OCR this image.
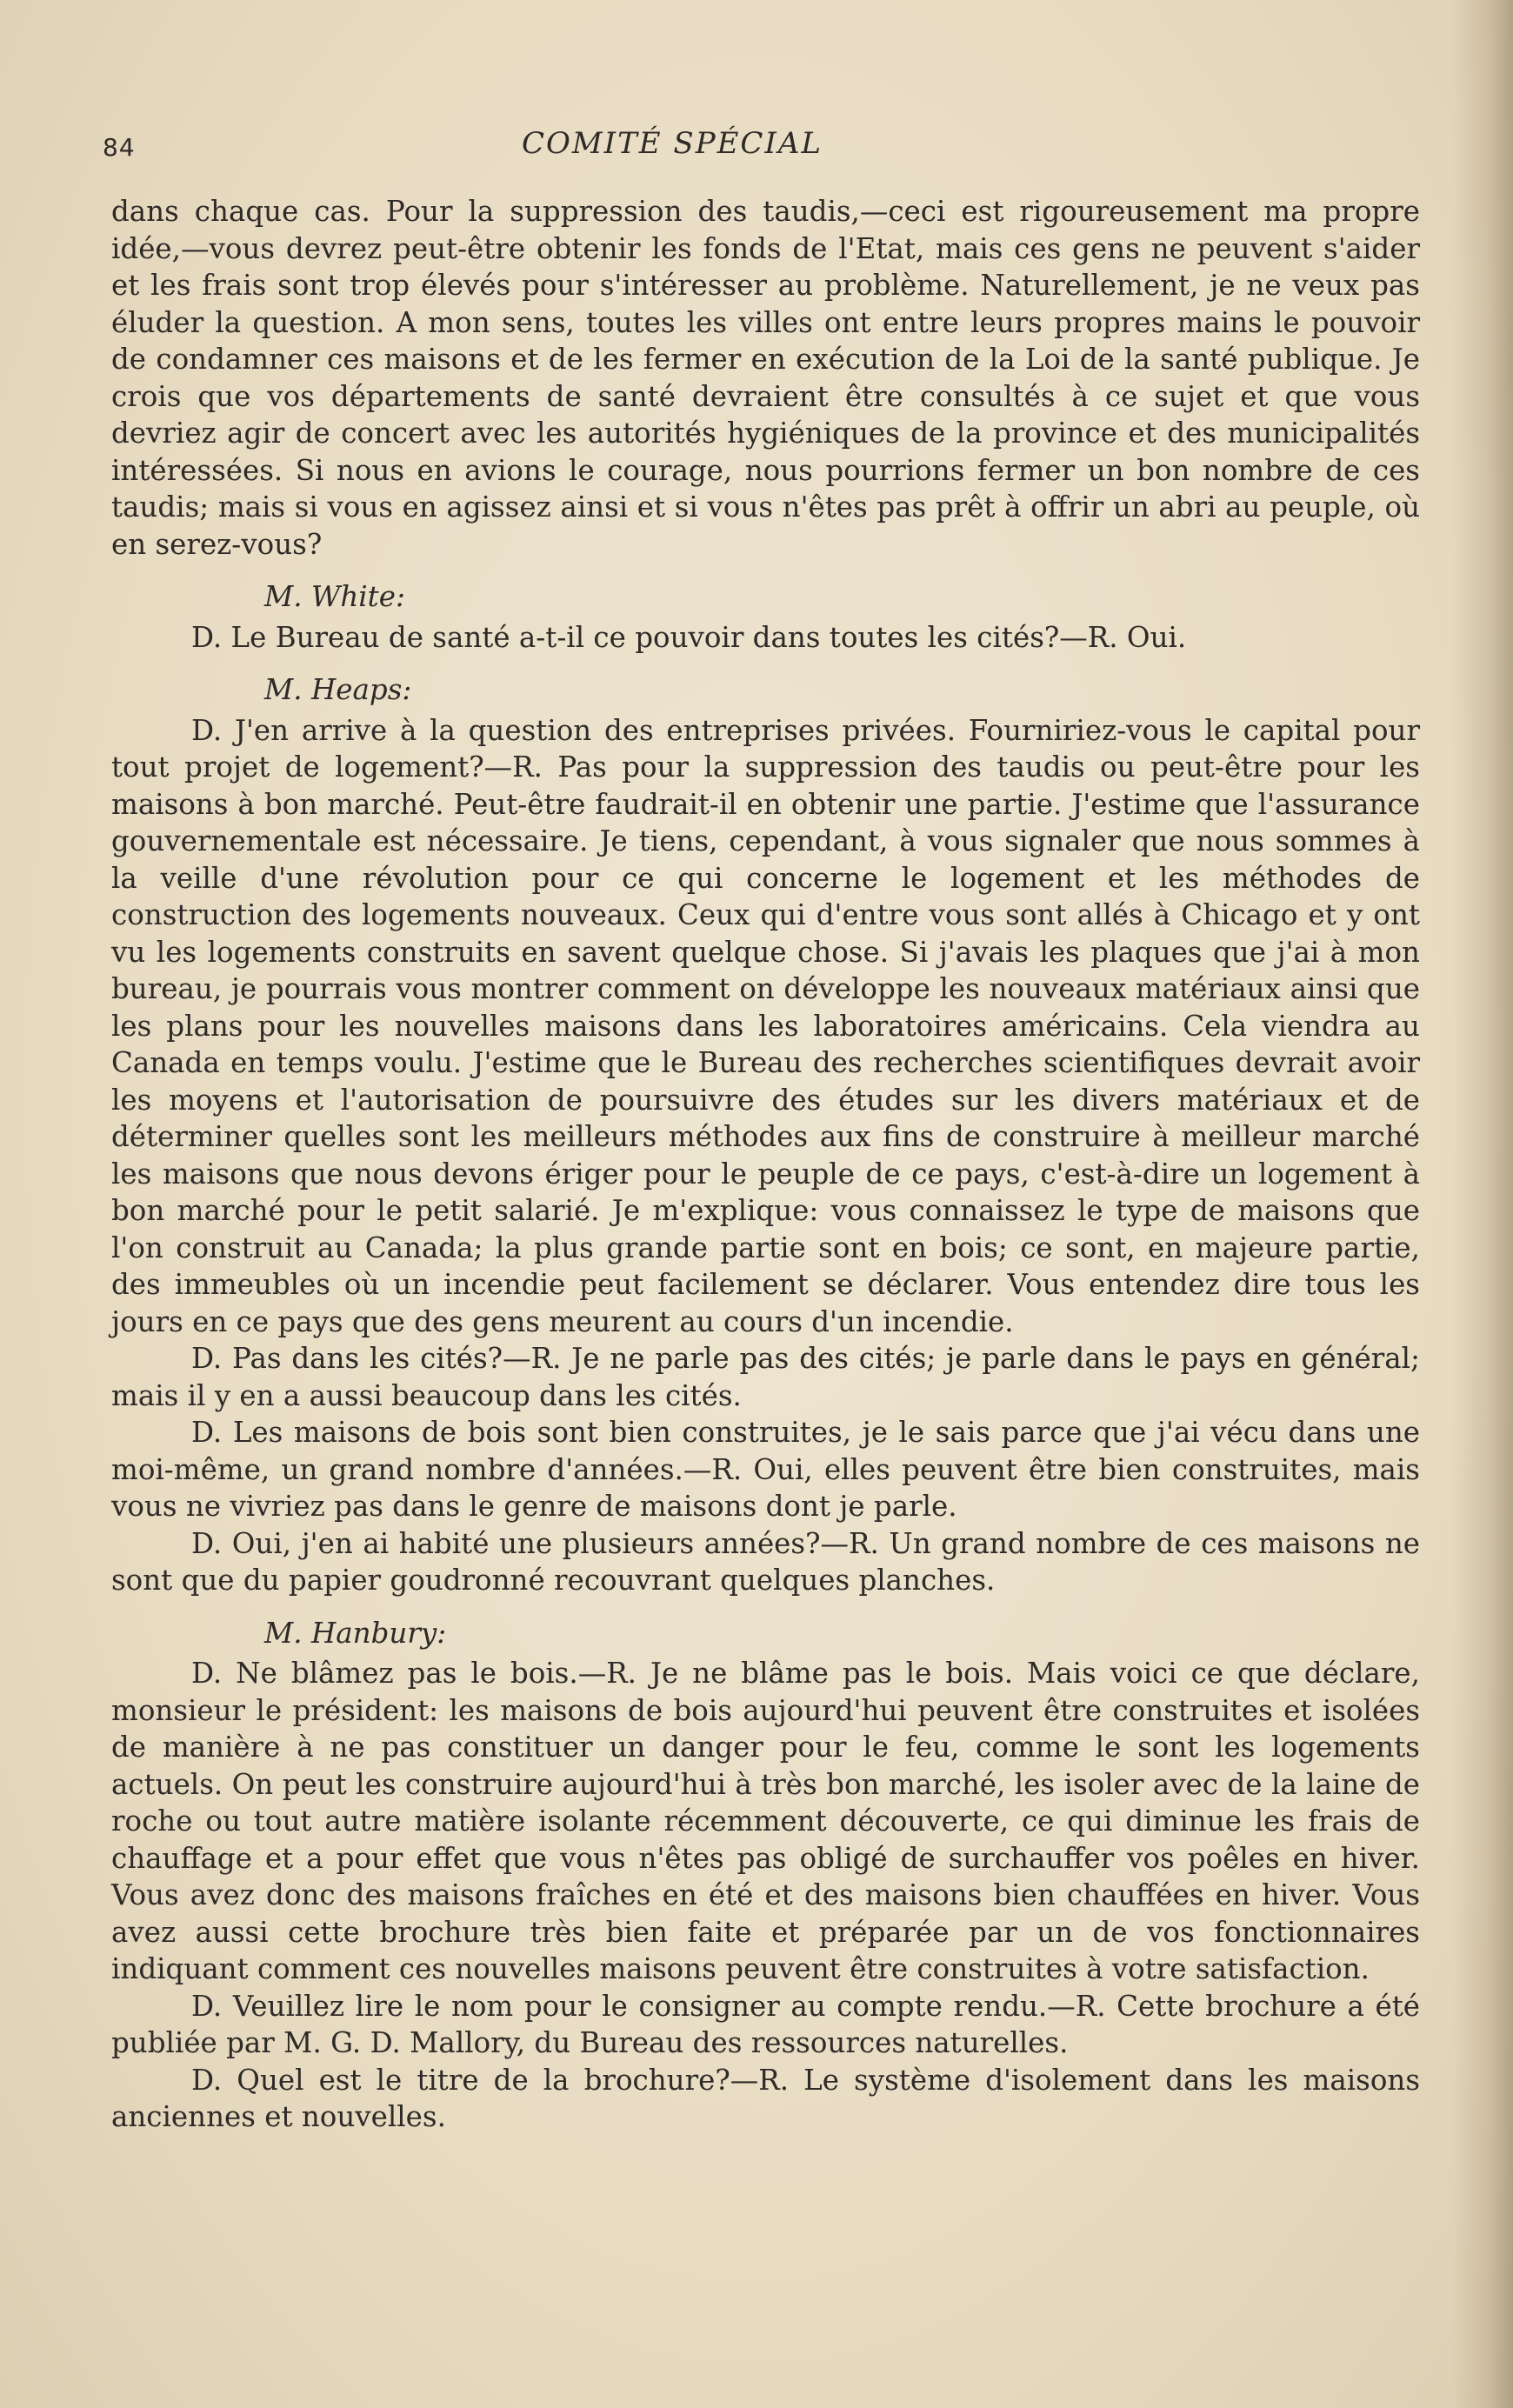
84	COMITÉ SPÉCIAL

dans chaque cas. Pour la suppression des taudis,—ceci est rigoureusement ma propre idée,—vous devrez peut-être obtenir les fonds de l'Etat, mais ces gens ne peuvent s'aider et les frais sont trop élevés pour s'intéresser au problème. Naturellement, je ne veux pas éluder la question. A mon sens, toutes les villes ont entre leurs propres mains le pouvoir de condamner ces maisons et de les fermer en exécution de la Loi de la santé publique. Je crois que vos départements de santé devraient être consultés à ce sujet et que vous devriez agir de concert avec les autorités hygiéniques de la province et des municipalités intéressées. Si nous en avions le courage, nous pourrions fermer un bon nombre de ces taudis; mais si vous en agissez ainsi et si vous n'êtes pas prêt à offrir un abri au peuple, où en serez-vous?

M. White:

D. Le Bureau de santé a-t-il ce pouvoir dans toutes les cités?—R. Oui.

M. Heaps:

D. J'en arrive à la question des entreprises privées. Fourniriez-vous le capital pour tout projet de logement?—R. Pas pour la suppression des taudis ou peut-être pour les maisons à bon marché. Peut-être faudrait-il en obtenir une partie. J'estime que l'assurance gouvernementale est nécessaire. Je tiens, cependant, à vous signaler que nous sommes à la veille d'une révolution pour ce qui concerne le logement et les méthodes de construction des logements nouveaux. Ceux qui d'entre vous sont allés à Chicago et y ont vu les logements construits en savent quelque chose. Si j'avais les plaques que j'ai à mon bureau, je pourrais vous montrer comment on développe les nouveaux matériaux ainsi que les plans pour les nouvelles maisons dans les laboratoires américains. Cela viendra au Canada en temps voulu. J'estime que le Bureau des recherches scientifiques devrait avoir les moyens et l'autorisation de poursuivre des études sur les divers matériaux et de déterminer quelles sont les meilleurs méthodes aux fins de construire à meilleur marché les maisons que nous devons ériger pour le peuple de ce pays, c'est-à-dire un logement à bon marché pour le petit salarié. Je m'explique: vous connaissez le type de maisons que l'on construit au Canada; la plus grande partie sont en bois; ce sont, en majeure partie, des immeubles où un incendie peut facilement se déclarer. Vous entendez dire tous les jours en ce pays que des gens meurent au cours d'un incendie.

D. Pas dans les cités?—R. Je ne parle pas des cités; je parle dans le pays en général; mais il y en a aussi beaucoup dans les cités.

D. Les maisons de bois sont bien construites, je le sais parce que j'ai vécu dans une moi-même, un grand nombre d'années.—R. Oui, elles peuvent être bien construites, mais vous ne vivriez pas dans le genre de maisons dont je parle.

D. Oui, j'en ai habité une plusieurs années?—R. Un grand nombre de ces maisons ne sont que du papier goudronné recouvrant quelques planches.

M. Hanbury:

D. Ne blâmez pas le bois.—R. Je ne blâme pas le bois. Mais voici ce que déclare, monsieur le président: les maisons de bois aujourd'hui peuvent être construites et isolées de manière à ne pas constituer un danger pour le feu, comme le sont les logements actuels. On peut les construire aujourd'hui à très bon marché, les isoler avec de la laine de roche ou tout autre matière isolante récemment découverte, ce qui diminue les frais de chauffage et a pour effet que vous n'êtes pas obligé de surchauffer vos poêles en hiver. Vous avez donc des maisons fraîches en été et des maisons bien chauffées en hiver. Vous avez aussi cette brochure très bien faite et préparée par un de vos fonctionnaires indiquant comment ces nouvelles maisons peuvent être construites à votre satisfaction.

D. Veuillez lire le nom pour le consigner au compte rendu.—R. Cette brochure a été publiée par M. G. D. Mallory, du Bureau des ressources naturelles.

D. Quel est le titre de la brochure?—R. Le système d'isolement dans les maisons anciennes et nouvelles.
